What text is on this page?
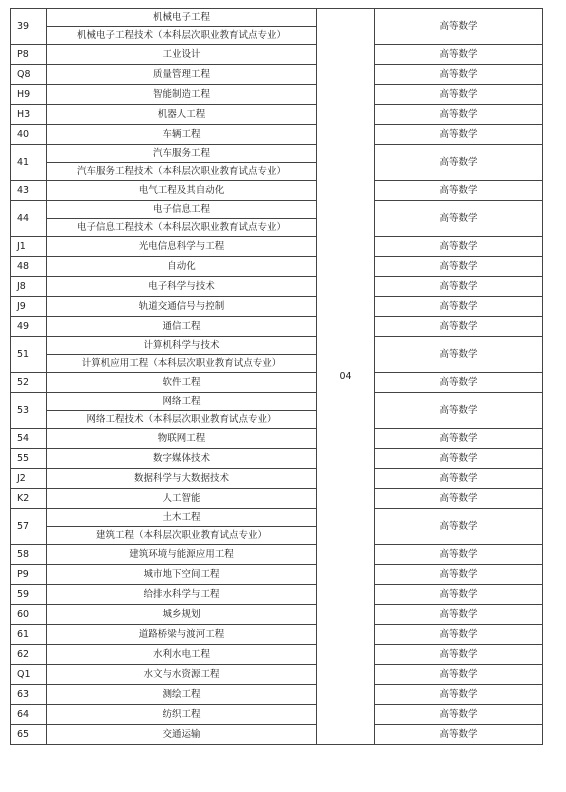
39	机械电子工程	04	高等数学
	机械电子工程技术（本科层次职业教育试点专业）		
P8	工业设计		高等数学
Q8	质量管理工程		高等数学
H9	智能制造工程		高等数学
H3	机器人工程		高等数学
40	车辆工程		高等数学
41	汽车服务工程		高等数学
	汽车服务工程技术（本科层次职业教育试点专业）		
43	电气工程及其自动化		高等数学
44	电子信息工程		高等数学
	电子信息工程技术（本科层次职业教育试点专业）		
J1	光电信息科学与工程		高等数学
48	自动化		高等数学
J8	电子科学与技术		高等数学
J9	轨道交通信号与控制		高等数学
49	通信工程		高等数学
51	计算机科学与技术		高等数学
	计算机应用工程（本科层次职业教育试点专业）		
52	软件工程		高等数学
53	网络工程		高等数学
	网络工程技术（本科层次职业教育试点专业）		
54	物联网工程		高等数学
55	数字媒体技术		高等数学
J2	数据科学与大数据技术		高等数学
K2	人工智能		高等数学
57	土木工程		高等数学
	建筑工程（本科层次职业教育试点专业）		
58	建筑环境与能源应用工程		高等数学
P9	城市地下空间工程		高等数学
59	给排水科学与工程		高等数学
60	城乡规划		高等数学
61	道路桥梁与渡河工程		高等数学
62	水利水电工程		高等数学
Q1	水文与水资源工程		高等数学
63	测绘工程		高等数学
64	纺织工程		高等数学
65	交通运输		高等数学
